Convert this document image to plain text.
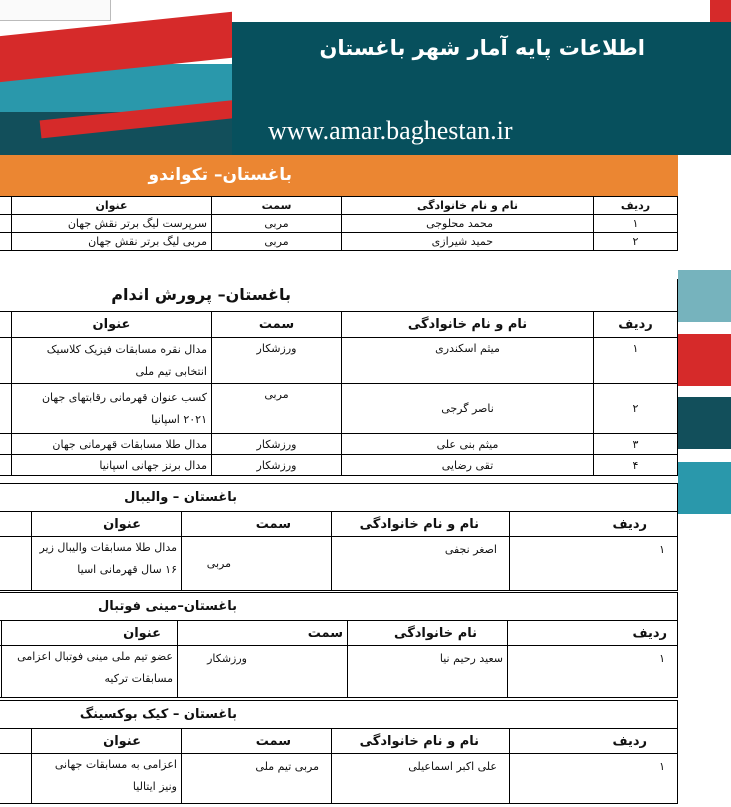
اطلاعات پایه آمار شهر باغستان
www.amar.baghestan.ir
باغستان– تکواندو
ردیف	نام و نام خانوادگی	سمت	عنوان	
۱	محمد محلوجی	مربی	سرپرست لیگ برتر نقش جهان	
۲	حمید شیرازی	مربی	مربی لیگ برتر نقش جهان	
باغستان– پرورش اندام
ردیف	نام و نام خانوادگی	سمت	عنوان	
۱	میثم اسکندری	ورزشکار	مدال نقره مسابقات فیزیک کلاسیک انتخابی تیم ملی	
۲	ناصر گرجی	مربی	کسب عنوان قهرمانی رقابتهای جهان ۲۰۲۱ اسپانیا	
۳	میثم بنی علی	ورزشکار	مدال طلا مسابقات قهرمانی جهان	
۴	تقی رضایی	ورزشکار	مدال برنز جهانی اسپانیا	
باغستان – والیبال
ردیف	نام و نام خانوادگی	سمت	عنوان	
۱	اصغر نجفی	مربی	مدال طلا مسابقات والیبال زیر ۱۶ سال قهرمانی اسیا	
باغستان–مینی فوتبال
ردیف	نام خانوادگی	سمت	عنوان	
۱	سعید رحیم نیا	ورزشکار	عضو تیم ملی مینی فوتبال اعزامی مسابقات ترکیه	
باغستان – کیک بوکسینگ
ردیف	نام و نام خانوادگی	سمت	عنوان	
۱	علی اکبر اسماعیلی	مربی تیم ملی	اعزامی به مسابقات جهانی ونیز ایتالیا	
